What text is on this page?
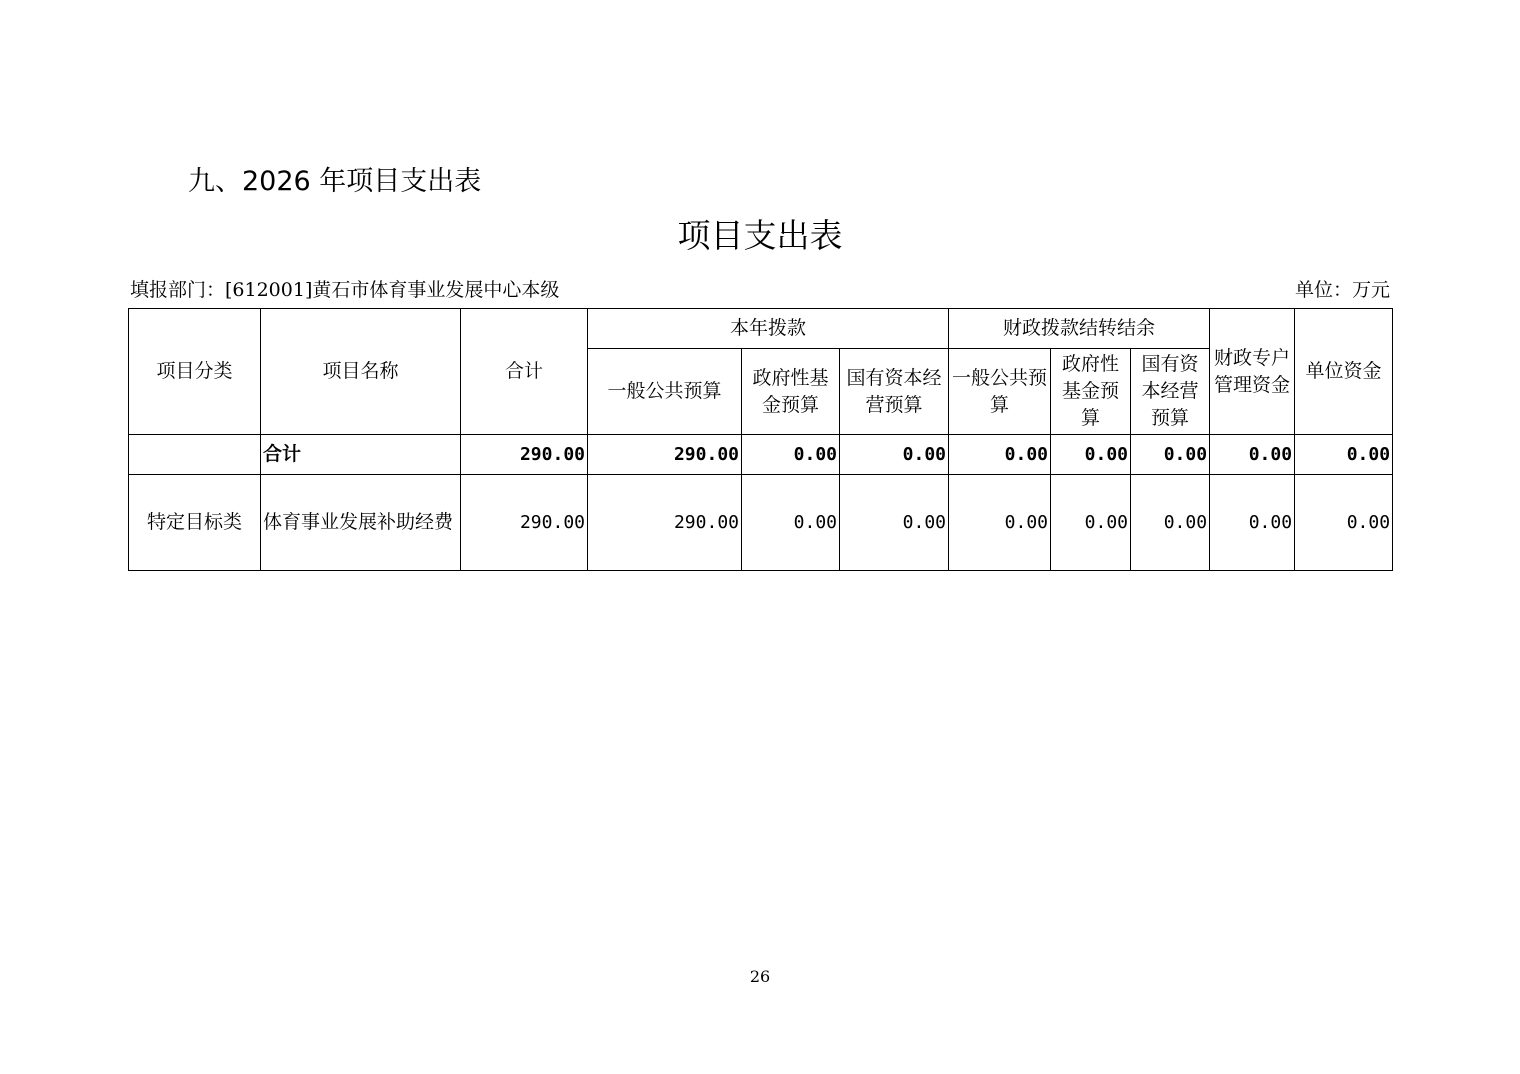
九、2026 年项目支出表
项目支出表
填报部门：[612001]黄石市体育事业发展中心本级	单位：万元
项目分类	项目名称	合计	本年拨款			财政拨款结转结余			财政专户管理资金	单位资金
			一般公共预算	政府性基金预算	国有资本经营预算	一般公共预算	政府性基金预算	国有资本经营预算		
	合计	290.00	290.00	0.00	0.00	0.00	0.00	0.00	0.00	0.00
特定目标类	体育事业发展补助经费	290.00	290.00	0.00	0.00	0.00	0.00	0.00	0.00	0.00
26
